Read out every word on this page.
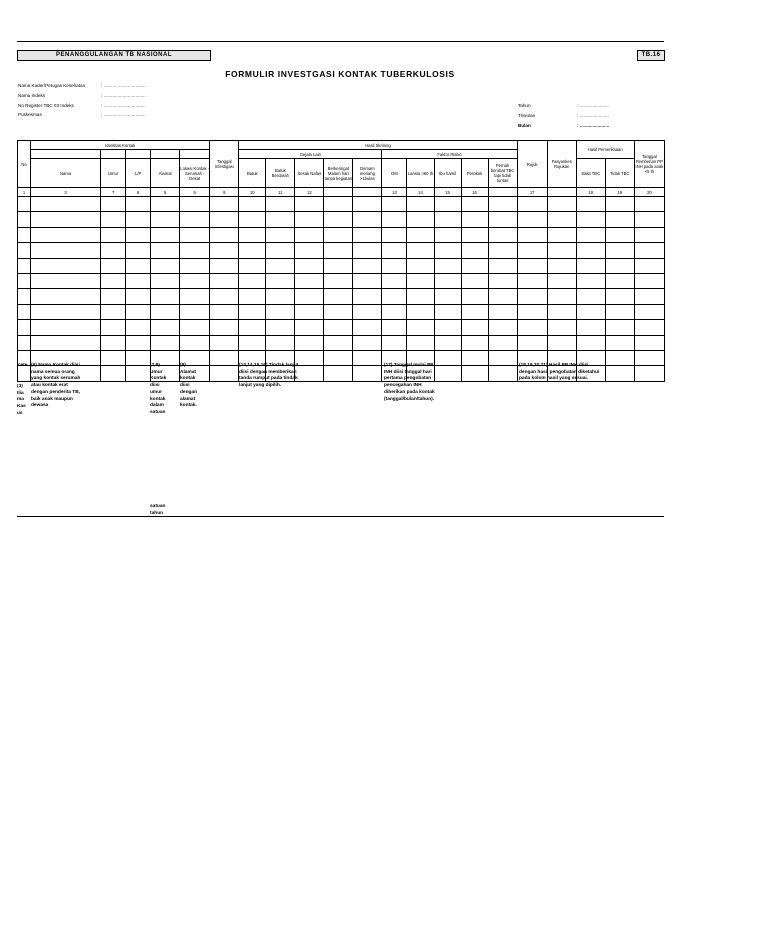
PENANGGULANGAN TB NASIONAL	TB.16
FORMULIR INVESTGASI KONTAK TUBERKULOSIS
Nama Kader/Petugas Kesehatan	: .................................
Nama Indeks	: .................................
No Register TBC 03 Indeks	: .................................
Puskesmas	: .................................
Tahun	: .......................
Triwulan	: .......................
Bulan	: .......................
No	Identitas Kontak					Tanggal Infestigasi	Hasil Skrining										Rujuk	Fasyankes Rujukan	Hasil Pemeriksaan		Tanggal Pemberian PP INH pada anak <5 th
							Gejala Lain					Faktor Risiko									
	Nama	Umur	L/P	Alamat	Lokasi Kontak - Serumah - Dekat		Batuk	Batuk Berdarah	Sesak Nafas	Berkeringat Malam hari tanpa kegiatan	Demam meriang >1bulan	DM	Lansia >60 th	Ibu hamil	Perokok	Pernah berobat TBC tapi tidak tuntas			Sakit TBC	Tidak TBC	
1	3	7	8	5	6	9	10	11	12			13	14	15	16		17		18	19	20

Kete
(3)
Ilia
ma
Kas
us
(6) Nama Kontak diisi
nama semua orang
yang kontak serumah
atau kontak erat
dengan penderita TB,
baik anak maupun
dewasa
(7,8)
Umur
Kontak
diisi
umur
kontak
dalam
satuan
satuan
tahun
(9)
Alamat
kontak
diisi
dengan
alamat
kontak.
(13,14,15,16) Tindak lanjut
diisi dengan memberikan
tanda rumput pada tindak
lanjut yang dipilih.
(17) Tanggal mulai PP
INH diisi tanggal hari
pertama pengobatan
pencegahan INH
diberikan pada kontak
(tanggal/bulan/tahun).
(18,19,20,21) Hasil PP INH diisi
dengan hasil pengobatan diketahui
pada kolom hasil yang sesuai.
